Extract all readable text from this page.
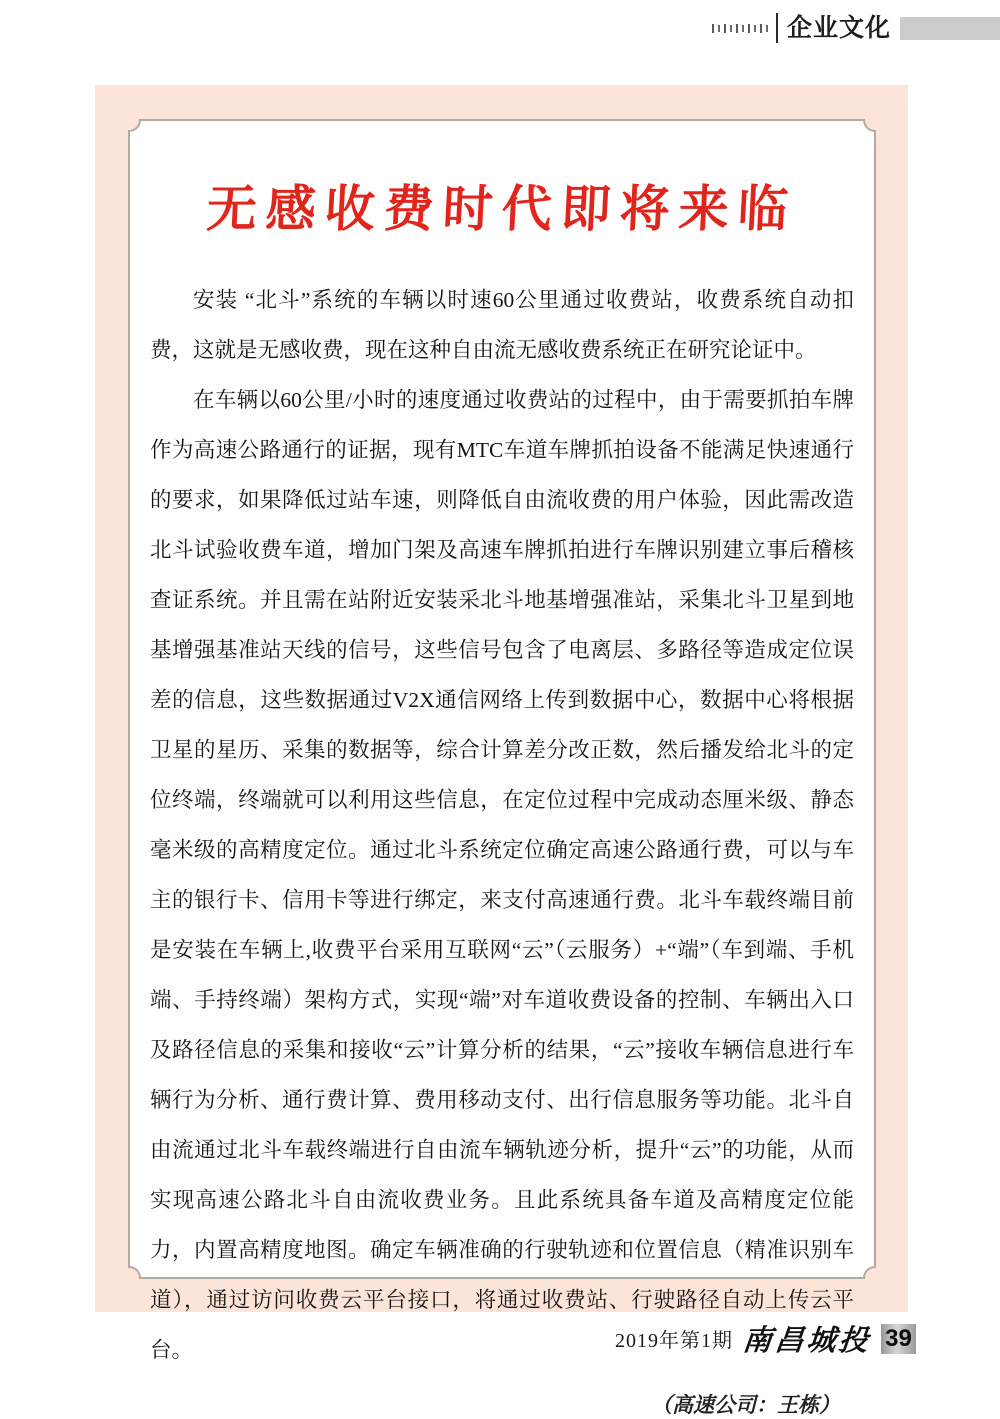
企业文化
无感收费时代即将来临

安装 “北斗”系统的车辆以时速60公里通过收费站，收费系统自动扣费，这就是无感收费，现在这种自由流无感收费系统正在研究论证中。

在车辆以60公里/小时的速度通过收费站的过程中，由于需要抓拍车牌作为高速公路通行的证据，现有MTC车道车牌抓拍设备不能满足快速通行的要求，如果降低过站车速，则降低自由流收费的用户体验，因此需改造北斗试验收费车道，增加门架及高速车牌抓拍进行车牌识别建立事后稽核查证系统。并且需在站附近安装采北斗地基增强准站，采集北斗卫星到地基增强基准站天线的信号，这些信号包含了电离层、多路径等造成定位误差的信息，这些数据通过V2X通信网络上传到数据中心，数据中心将根据卫星的星历、采集的数据等，综合计算差分改正数，然后播发给北斗的定位终端，终端就可以利用这些信息，在定位过程中完成动态厘米级、静态毫米级的高精度定位。通过北斗系统定位确定高速公路通行费，可以与车主的银行卡、信用卡等进行绑定，来支付高速通行费。北斗车载终端目前是安装在车辆上,收费平台采用互联网“云”（云服务）+“端”（车到端、手机端、手持终端）架构方式，实现“端”对车道收费设备的控制、车辆出入口及路径信息的采集和接收“云”计算分析的结果，“云”接收车辆信息进行车辆行为分析、通行费计算、费用移动支付、出行信息服务等功能。北斗自由流通过北斗车载终端进行自由流车辆轨迹分析，提升“云”的功能，从而实现高速公路北斗自由流收费业务。且此系统具备车道及高精度定位能力，内置高精度地图。确定车辆准确的行驶轨迹和位置信息（精准识别车道），通过访问收费云平台接口，将通过收费站、行驶路径自动上传云平台。

（高速公司：王栋）
2019年第1期 南昌城投 39
